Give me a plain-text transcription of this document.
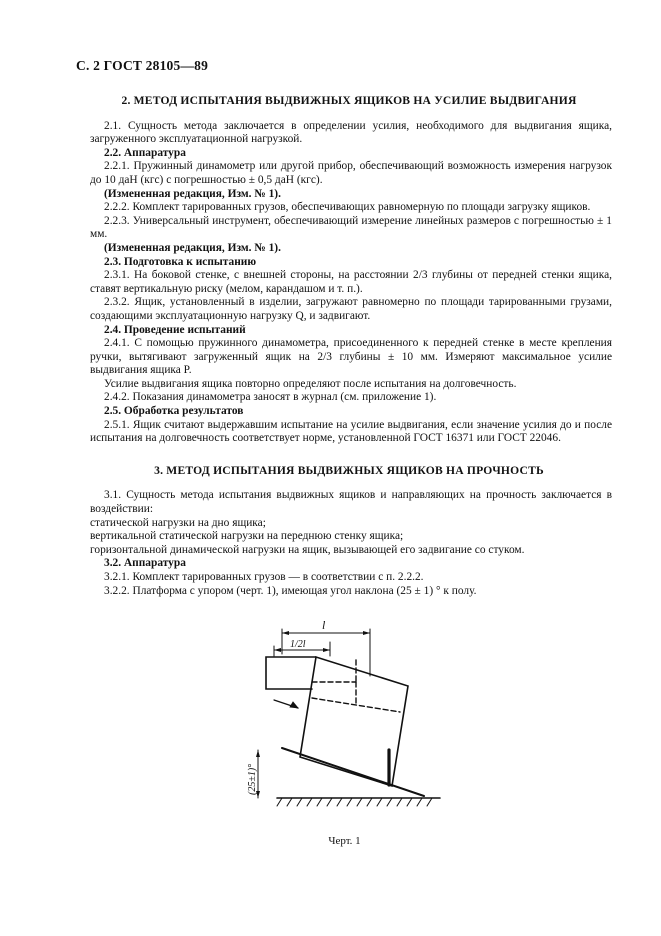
С. 2 ГОСТ 28105—89
2. МЕТОД ИСПЫТАНИЯ ВЫДВИЖНЫХ ЯЩИКОВ НА УСИЛИЕ ВЫДВИГАНИЯ

2.1. Сущность метода заключается в определении усилия, необходимого для выдвигания ящика, загруженного эксплуатационной нагрузкой.

2.2. Аппаратура

2.2.1. Пружинный динамометр или другой прибор, обеспечивающий возможность измерения нагрузок до 10 даН (кгс) с погрешностью ± 0,5 даН (кгс).

(Измененная редакция, Изм. № 1).

2.2.2. Комплект тарированных грузов, обеспечивающих равномерную по площади загрузку ящиков.

2.2.3. Универсальный инструмент, обеспечивающий измерение линейных размеров с погрешностью ± 1 мм.

(Измененная редакция, Изм. № 1).

2.3. Подготовка к испытанию

2.3.1. На боковой стенке, с внешней стороны, на расстоянии 2/3 глубины от передней стенки ящика, ставят вертикальную риску (мелом, карандашом и т. п.).

2.3.2. Ящик, установленный в изделии, загружают равномерно по площади тарированными грузами, создающими эксплуатационную нагрузку Q, и задвигают.

2.4. Проведение испытаний

2.4.1. С помощью пружинного динамометра, присоединенного к передней стенке в месте крепления ручки, вытягивают загруженный ящик на 2/3 глубины ± 10 мм. Измеряют максимальное усилие выдвигания ящика P.

Усилие выдвигания ящика повторно определяют после испытания на долговечность.

2.4.2. Показания динамометра заносят в журнал (см. приложение 1).

2.5. Обработка результатов

2.5.1. Ящик считают выдержавшим испытание на усилие выдвигания, если значение усилия до и после испытания на долговечность соответствует норме, установленной ГОСТ 16371 или ГОСТ 22046.

3. МЕТОД ИСПЫТАНИЯ ВЫДВИЖНЫХ ЯЩИКОВ НА ПРОЧНОСТЬ

3.1. Сущность метода испытания выдвижных ящиков и направляющих на прочность заключается в воздействии:

статической нагрузки на дно ящика;

вертикальной статической нагрузки на переднюю стенку ящика;

горизонтальной динамической нагрузки на ящик, вызывающей его задвигание со стуком.

3.2. Аппаратура

3.2.1. Комплект тарированных грузов — в соответствии с п. 2.2.2.

3.2.2. Платформа с упором (черт. 1), имеющая угол наклона (25 ± 1) ° к полу.

l
1/2l
(25±1)°
Черт. 1
